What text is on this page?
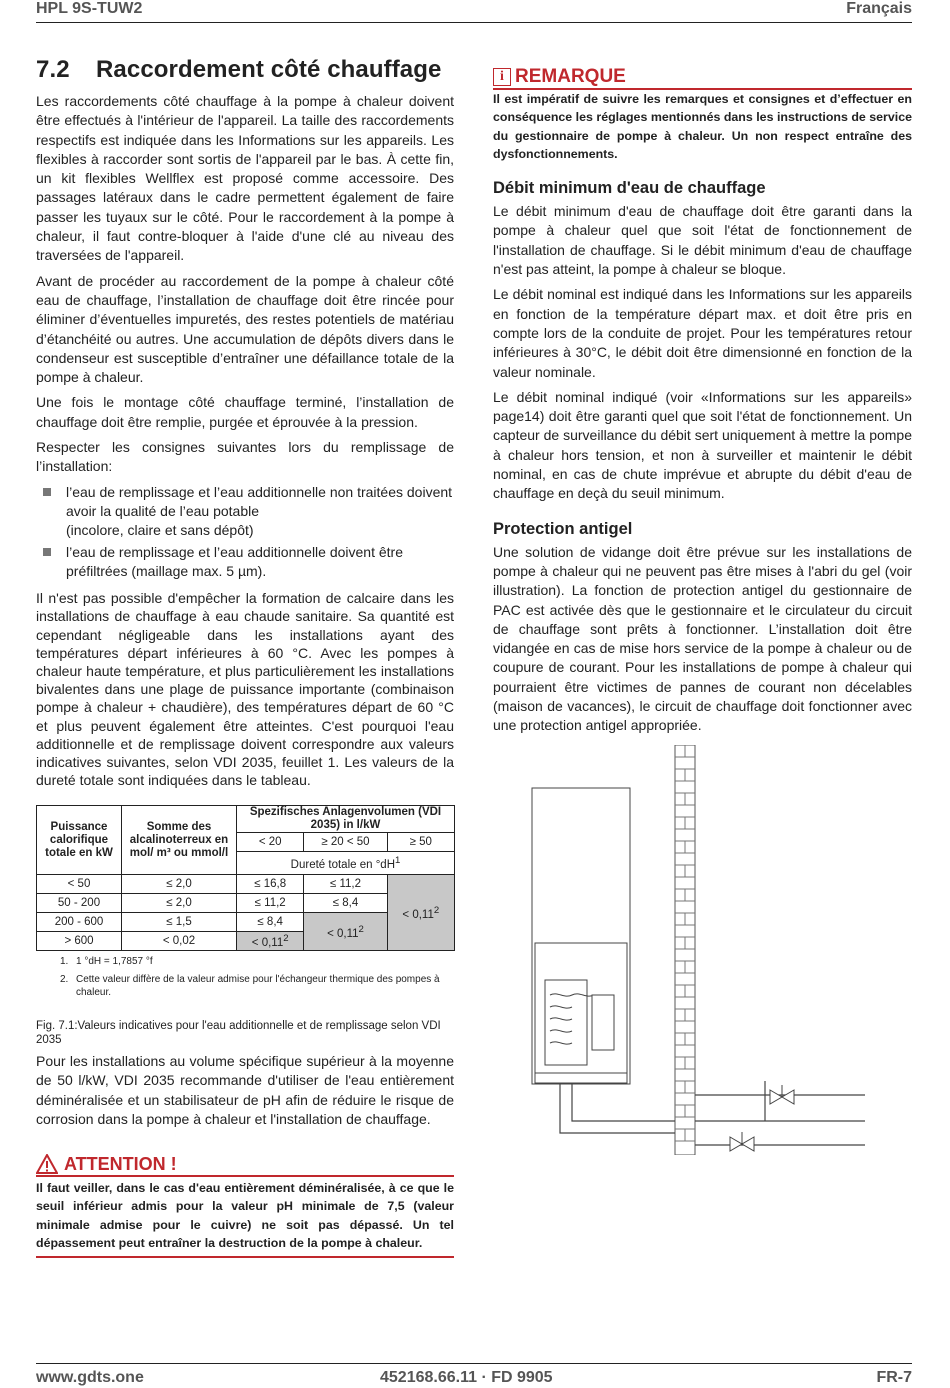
HPL 9S-TUW2	Français
7.2 Raccordement côté chauffage

Les raccordements côté chauffage à la pompe à chaleur doivent être effectués à l'intérieur de l'appareil. La taille des raccordements respectifs est indiquée dans les Informations sur les appareils. Les flexibles à raccorder sont sortis de l'appareil par le bas. À cette fin, un kit flexibles Wellflex est proposé comme accessoire. Des passages latéraux dans le cadre permettent également de faire passer les tuyaux sur le côté. Pour le raccordement à la pompe à chaleur, il faut contre-bloquer à l'aide d'une clé au niveau des traversées de l'appareil.

Avant de procéder au raccordement de la pompe à chaleur côté eau de chauffage, l’installation de chauffage doit être rincée pour éliminer d’éventuelles impuretés, des restes potentiels de matériau d’étanchéité ou autres. Une accumulation de dépôts divers dans le condenseur est susceptible d’entraîner une défaillance totale de la pompe à chaleur.

Une fois le montage côté chauffage terminé, l’installation de chauffage doit être remplie, purgée et éprouvée à la pression.

Respecter les consignes suivantes lors du remplissage de l’installation:

l’eau de remplissage et l’eau additionnelle non traitées doivent avoir la qualité de l’eau potable
(incolore, claire et sans dépôt)
l’eau de remplissage et l’eau additionnelle doivent être préfiltrées (maillage max. 5 µm).

Il n'est pas possible d'empêcher la formation de calcaire dans les installations de chauffage à eau chaude sanitaire. Sa quantité est cependant négligeable dans les installations ayant des températures départ inférieures à 60 °C. Avec les pompes à chaleur haute température, et plus particulièrement les installations bivalentes dans une plage de puissance importante (combinaison pompe à chaleur + chaudière), des températures départ de 60 °C et plus peuvent également être atteintes. C'est pourquoi l'eau additionnelle et de remplissage doivent correspondre aux valeurs indicatives suivantes, selon VDI 2035, feuillet 1. Les valeurs de la dureté totale sont indiquées dans le tableau.

Puissance calorifique totale en kW	Somme des alcalinoterreux en mol/ m³ ou mmol/l	Spezifisches Anlagenvolumen (VDI 2035) in l/kW		
		< 20	≥ 20 < 50	≥ 50
		Dureté totale en $^\circ dH^1$
< 50	≤ 2,0	≤ 16,8	≤ 11,2	< $0,11^2$
50 - 200	≤ 2,0	≤ 11,2	≤ 8,4	
200 - 600	≤ 1,5	≤ 8,4	< $0,11^2$
> 600	< 0,02	< $0,11^2$
1. 1 °dH = 1,7857 °f
2. Cette valeur diffère de la valeur admise pour l'échangeur thermique des pompes à chaleur.
Fig. 7.1:Valeurs indicatives pour l'eau additionnelle et de remplissage selon VDI 2035

Pour les installations au volume spécifique supérieur à la moyenne de 50 l/kW, VDI 2035 recommande d'utiliser de l'eau entièrement déminéralisée et un stabilisateur de pH afin de réduire le risque de corrosion dans la pompe à chaleur et l'installation de chauffage.

ATTENTION !
Il faut veiller, dans le cas d'eau entièrement déminéralisée, à ce que le seuil inférieur admis pour la valeur pH minimale de 7,5 (valeur minimale admise pour le cuivre) ne soit pas dépassé. Un tel dépassement peut entraîner la destruction de la pompe à chaleur.
i REMARQUE

Il est impératif de suivre les remarques et consignes et d’effectuer en conséquence les réglages mentionnés dans les instructions de service du gestionnaire de pompe à chaleur. Un non respect entraîne des dysfonctionnements.

Débit minimum d'eau de chauffage

Le débit minimum d'eau de chauffage doit être garanti dans la pompe à chaleur quel que soit l'état de fonctionnement de l'installation de chauffage. Si le débit minimum d'eau de chauffage n'est pas atteint, la pompe à chaleur se bloque.

Le débit nominal est indiqué dans les Informations sur les appareils en fonction de la température départ max. et doit être pris en compte lors de la conduite de projet. Pour les températures retour inférieures à 30°C, le débit doit être dimensionné en fonction de la valeur nominale.

Le débit nominal indiqué (voir «Informations sur les appareils» page14) doit être garanti quel que soit l'état de fonctionnement. Un capteur de surveillance du débit sert uniquement à mettre la pompe à chaleur hors tension, et non à surveiller et maintenir le débit nominal, en cas de chute imprévue et abrupte du débit d'eau de chauffage en deçà du seuil minimum.

Protection antigel

Une solution de vidange doit être prévue sur les installations de pompe à chaleur qui ne peuvent pas être mises à l'abri du gel (voir illustration). La fonction de protection antigel du gestionnaire de PAC est activée dès que le gestionnaire et le circulateur du circuit de chauffage sont prêts à fonctionner. L’installation doit être vidangée en cas de mise hors service de la pompe à chaleur ou de coupure de courant. Pour les installations de pompe à chaleur qui pourraient être victimes de pannes de courant non décelables (maison de vacances), le circuit de chauffage doit fonctionner avec une protection antigel appropriée.

www.gdts.one	452168.66.11 · FD 9905	FR-7
